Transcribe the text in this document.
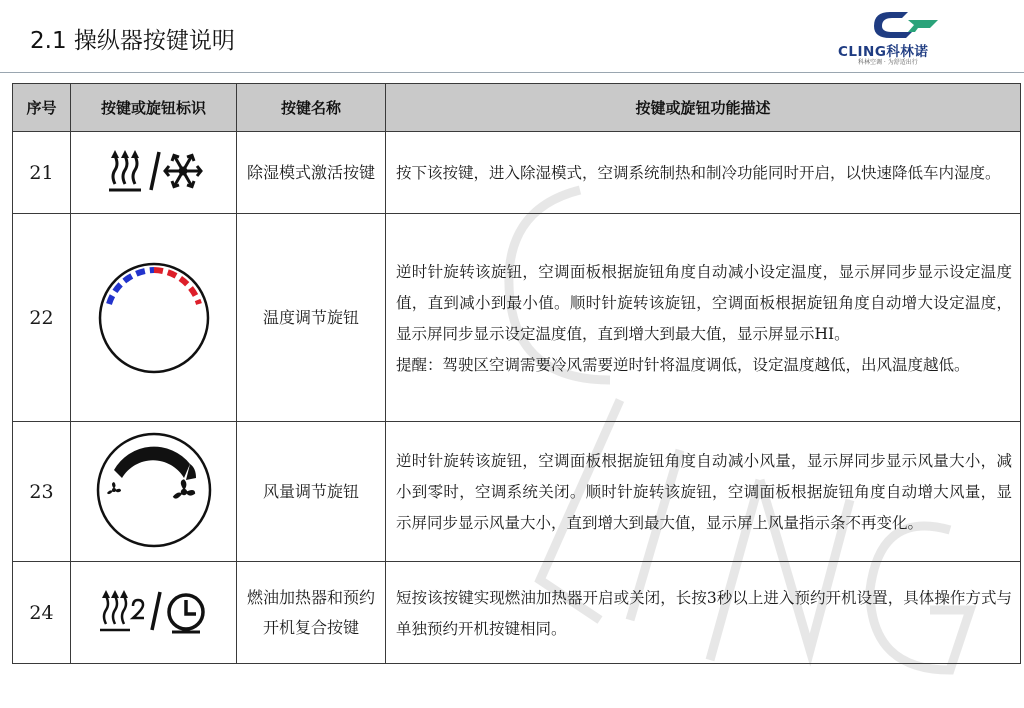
2.1 操纵器按键说明	CLING科林诺
科林空调 · 为舒适出行
序号	按键或旋钮标识	按键名称	按键或旋钮功能描述
21		除湿模式激活按键	按下该按键，进入除湿模式，空调系统制热和制冷功能同时开启，以快速降低车内湿度。

22		温度调节旋钮	逆时针旋转该旋钮，空调面板根据旋钮角度自动减小设定温度，显示屏同步显示设定温度值，直到减小到最小值。顺时针旋转该旋钮，空调面板根据旋钮角度自动增大设定温度，显示屏同步显示设定温度值，直到增大到最大值，显示屏显示HI。
提醒：驾驶区空调需要冷风需要逆时针将温度调低，设定温度越低，出风温度越低。

23		风量调节旋钮	逆时针旋转该旋钮，空调面板根据旋钮角度自动减小风量，显示屏同步显示风量大小，减小到零时，空调系统关闭。顺时针旋转该旋钮，空调面板根据旋钮角度自动增大风量，显示屏同步显示风量大小，直到增大到最大值，显示屏上风量指示条不再变化。

24		燃油加热器和预约开机复合按键	短按该按键实现燃油加热器开启或关闭，长按3秒以上进入预约开机设置，具体操作方式与单独预约开机按键相同。
